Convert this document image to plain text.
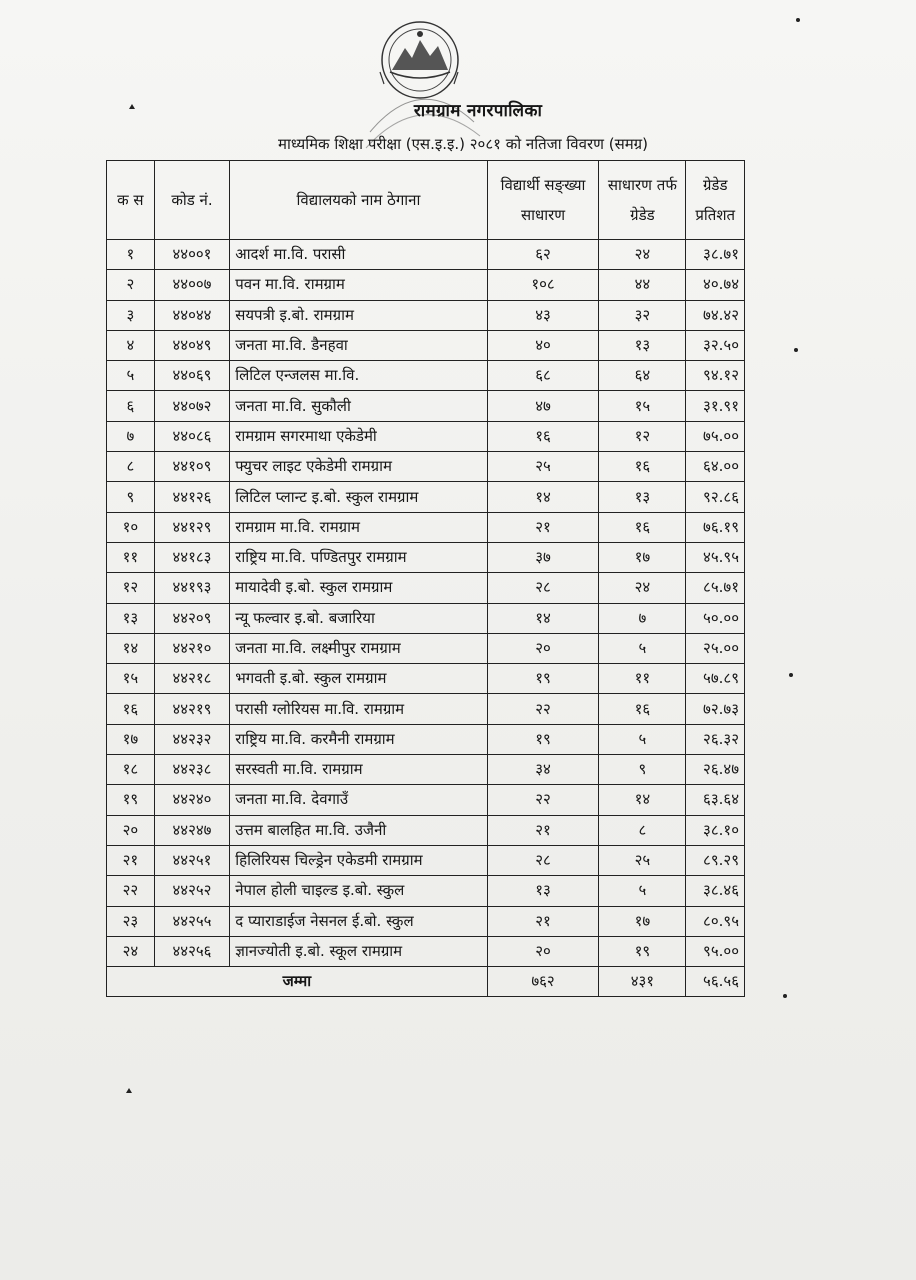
रामग्राम नगरपालिका
माध्यमिक शिक्षा परीक्षा (एस.इ.इ.) २०८१ को नतिजा विवरण (समग्र)
क स	कोड नं.	विद्यालयको नाम ठेगाना	विद्यार्थी सङ्ख्या साधारण	साधारण तर्फ ग्रेडेड	ग्रेडेड प्रतिशत
१	४४००१	आदर्श मा.वि. परासी	६२	२४	३८.७१
२	४४००७	पवन मा.वि. रामग्राम	१०८	४४	४०.७४
३	४४०४४	सयपत्री इ.बो. रामग्राम	४३	३२	७४.४२
४	४४०४९	जनता मा.वि. डैनहवा	४०	१३	३२.५०
५	४४०६९	लिटिल एन्जलस मा.वि.	६८	६४	९४.१२
६	४४०७२	जनता मा.वि. सुकौली	४७	१५	३१.९१
७	४४०८६	रामग्राम सगरमाथा एकेडेमी	१६	१२	७५.००
८	४४१०९	फ्युचर लाइट एकेडेमी रामग्राम	२५	१६	६४.००
९	४४१२६	लिटिल प्लान्ट इ.बो. स्कुल रामग्राम	१४	१३	९२.८६
१०	४४१२९	रामग्राम मा.वि. रामग्राम	२१	१६	७६.१९
११	४४१८३	राष्ट्रिय मा.वि. पण्डितपुर रामग्राम	३७	१७	४५.९५
१२	४४१९३	मायादेवी इ.बो. स्कुल रामग्राम	२८	२४	८५.७१
१३	४४२०९	न्यू फल्वार इ.बो. बजारिया	१४	७	५०.००
१४	४४२१०	जनता मा.वि. लक्ष्मीपुर रामग्राम	२०	५	२५.००
१५	४४२१८	भगवती इ.बो. स्कुल रामग्राम	१९	११	५७.८९
१६	४४२१९	परासी ग्लोरियस मा.वि. रामग्राम	२२	१६	७२.७३
१७	४४२३२	राष्ट्रिय मा.वि. करमैनी रामग्राम	१९	५	२६.३२
१८	४४२३८	सरस्वती मा.वि. रामग्राम	३४	९	२६.४७
१९	४४२४०	जनता मा.वि. देवगाउँ	२२	१४	६३.६४
२०	४४२४७	उत्तम बालहित मा.वि. उजैनी	२१	८	३८.१०
२१	४४२५१	हिलिरियस चिल्ड्रेन एकेडमी रामग्राम	२८	२५	८९.२९
२२	४४२५२	नेपाल होली चाइल्ड इ.बो. स्कुल	१३	५	३८.४६
२३	४४२५५	द प्याराडाईज नेसनल ई.बो. स्कुल	२१	१७	८०.९५
२४	४४२५६	ज्ञानज्योती इ.बो. स्कूल रामग्राम	२०	१९	९५.००
जम्मा			७६२	४३१	५६.५६
